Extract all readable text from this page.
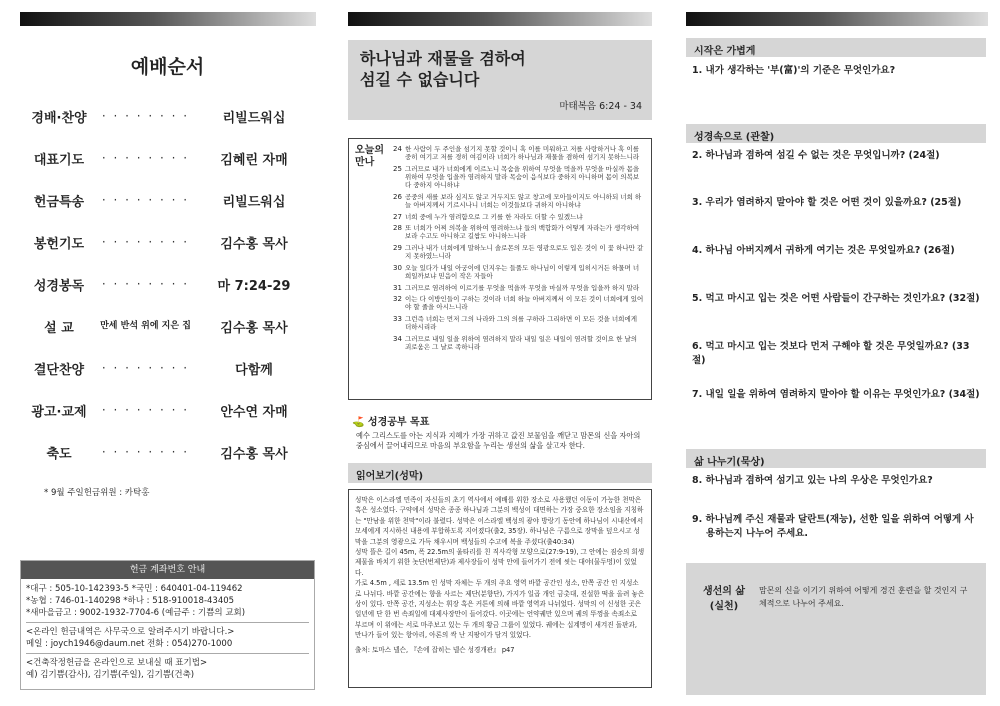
예배순서
경배·찬양	· · · · · · · ·	리빌드워십
대표기도	· · · · · · · ·	김혜린 자매
헌금특송	· · · · · · · ·	리빌드워십
봉헌기도	· · · · · · · ·	김수홍 목사
성경봉독	· · · · · · · ·	마 7:24-29
설 교	만세 반석 위에 지은 집	김수홍 목사
결단찬양	· · · · · · · ·	다함께
광고·교제	· · · · · · · ·	안수연 자매
축도	· · · · · · · ·	김수홍 목사
* 9월 주일헌금위원 : 카탁홍
헌금 계좌번호 안내
*대구 : 505-10-142393-5 *국민 : 640401-04-119462
*농협 : 746-01-140298 *하나 : 518-910018-43405
*새마을금고 : 9002-1932-7704-6 (예금주 : 기쁨의 교회)
<온라인 헌금내역은 사무국으로 알려주시기 바랍니다.>
메일 : joych1946@daum.net 전화 : 054)270-1000
<건축작정헌금을 온라인으로 보내실 때 표기법>
예) 김기쁨(감사), 김기쁨(주일), 김기쁨(건축)
하나님과 재물을 겸하여
섬길 수 없습니다
마태복음 6:24 - 34
오늘의 만나
24 한 사람이 두 주인을 섬기지 못할 것이니 혹 이를 미워하고 저를 사랑하거나 혹 이를 중히 여기고 저를 경히 여김이라 너희가 하나님과 재물을 겸하여 섬기지 못하느니라
25 그러므로 내가 너희에게 이르노니 목숨을 위하여 무엇을 먹을까 무엇을 마실까 몸을 위하여 무엇을 입을까 염려하지 말라 목숨이 음식보다 중하지 아니하며 몸이 의복보다 중하지 아니하냐
26 공중의 새를 보라 심지도 않고 거두지도 않고 창고에 모아들이지도 아니하되 너희 하늘 아버지께서 기르시나니 너희는 이것들보다 귀하지 아니하냐
27 너희 중에 누가 염려함으로 그 키를 한 자라도 더할 수 있겠느냐
28 또 너희가 어찌 의복을 위하여 염려하느냐 들의 백합화가 어떻게 자라는가 생각하여 보라 수고도 아니하고 길쌈도 아니하느니라
29 그러나 내가 너희에게 말하노니 솔로몬의 모든 영광으로도 입은 것이 이 꽃 하나만 같지 못하였느니라
30 오늘 있다가 내일 아궁이에 던지우는 들풀도 하나님이 이렇게 입히시거든 하물며 너희일까보냐 믿음이 작은 자들아
31 그러므로 염려하여 이르기를 무엇을 먹을까 무엇을 마실까 무엇을 입을까 하지 말라
32 이는 다 이방인들이 구하는 것이라 너희 하늘 아버지께서 이 모든 것이 너희에게 있어야 할 줄을 아시느니라
33 그런즉 너희는 먼저 그의 나라와 그의 의를 구하라 그리하면 이 모든 것을 너희에게 더하시리라
34 그러므로 내일 일을 위하여 염려하지 말라 내일 일은 내일이 염려할 것이요 한 날의 괴로움은 그 날로 족하니라
⛳ 성경공부 목표
예수 그리스도를 아는 지식과 지혜가 가장 귀하고 값진 보물임을 깨닫고 맘몬의 신을 자아의 중심에서 끌어내리므로 마음의 부요함을 누리는 생선의 삶을 살고자 한다.
읽어보기(성막)
성막은 이스라엘 민족이 자신들의 초기 역사에서 예배를 위한 장소로 사용했던 이동이 가능한 천막은 혹은 성소였다. 구약에서 성막은 종종 하나님과 그분의 백성이 대면하는 가장 중요한 장소임을 지칭하는 "만남을 위한 천막"이라 불렸다. 성막은 이스라엘 백성의 광야 방랑기 동안에 하나님이 시내산에서 모세에게 지시하신 내용에 부합하도록 지어졌다(출2, 35장). 하나님은 구름으로 장막을 덮으시고 성막을 그분의 영광으로 가득 채우시며 백성들의 수고에 복을 주셨다(출40:34)
성막 뜰은 길이 45m, 폭 22.5m의 울타리를 친 직사각형 모양으로(27:9-19), 그 안에는 짐승의 희생제물을 바치기 위한 놋단(번제단)과 제사장들이 성막 안에 들어가기 전에 씻는 대야(물두멍)이 있었다.
가로 4.5m , 세로 13.5m 인 성막 자체는 두 개의 주요 영역 바깥 공간인 성소, 안쪽 공간 인 지성소로 나뉘다. 바깥 공간에는 향을 사르는 제단(분향단), 가지가 일곱 개인 금촛대, 진설한 떡을 올려 놓은 상이 있다. 안쪽 공간, 지성소는 휘장 혹은 커튼에 의해 바깥 영역과 나뉘었다. 성막의 이 신성한 곳은 일년에 단 한 번 속죄일에 대제사장만이 들어갔다. 이곳에는 언약궤만 있으며 궤의 뚜껑을 속죄소로 부르며 이 위에는 서로 마주보고 있는 두 개의 황금 그룹이 있었다. 궤에는 십계명이 새겨진 돌판과, 만나가 들어 있는 항아리, 아론의 싹 난 지팡이가 담겨 있었다.
출처: 토마스 넬슨, 『손에 잡히는 넬슨 성경개관』 p47
시작은 가볍게
1. 내가 생각하는 '부(富)'의 기준은 무엇인가요?
성경속으로 (관찰)
2. 하나님과 겸하여 섬길 수 없는 것은 무엇입니까? (24절)
3. 우리가 염려하지 말아야 할 것은 어떤 것이 있을까요? (25절)
4. 하나님 아버지께서 귀하게 여기는 것은 무엇일까요? (26절)
5. 먹고 마시고 입는 것은 어떤 사람들이 간구하는 것인가요? (32절)
6. 먹고 마시고 입는 것보다 먼저 구해야 할 것은 무엇일까요? (33절)
7. 내일 일을 위하여 염려하지 말아야 할 이유는 무엇인가요? (34절)
삶 나누기(묵상)
8. 하나님과 겸하여 섬기고 있는 나의 우상은 무엇인가요?
9. 하나님께 주신 재물과 달란트(재능), 선한 일을 위하여 어떻게 사용하는지 나누어 주세요.
생선의 삶 (실천)
맘몬의 신을 이기기 위하여 어떻게 경건 훈련을 할 것인지 구체적으로 나누어 주세요.
